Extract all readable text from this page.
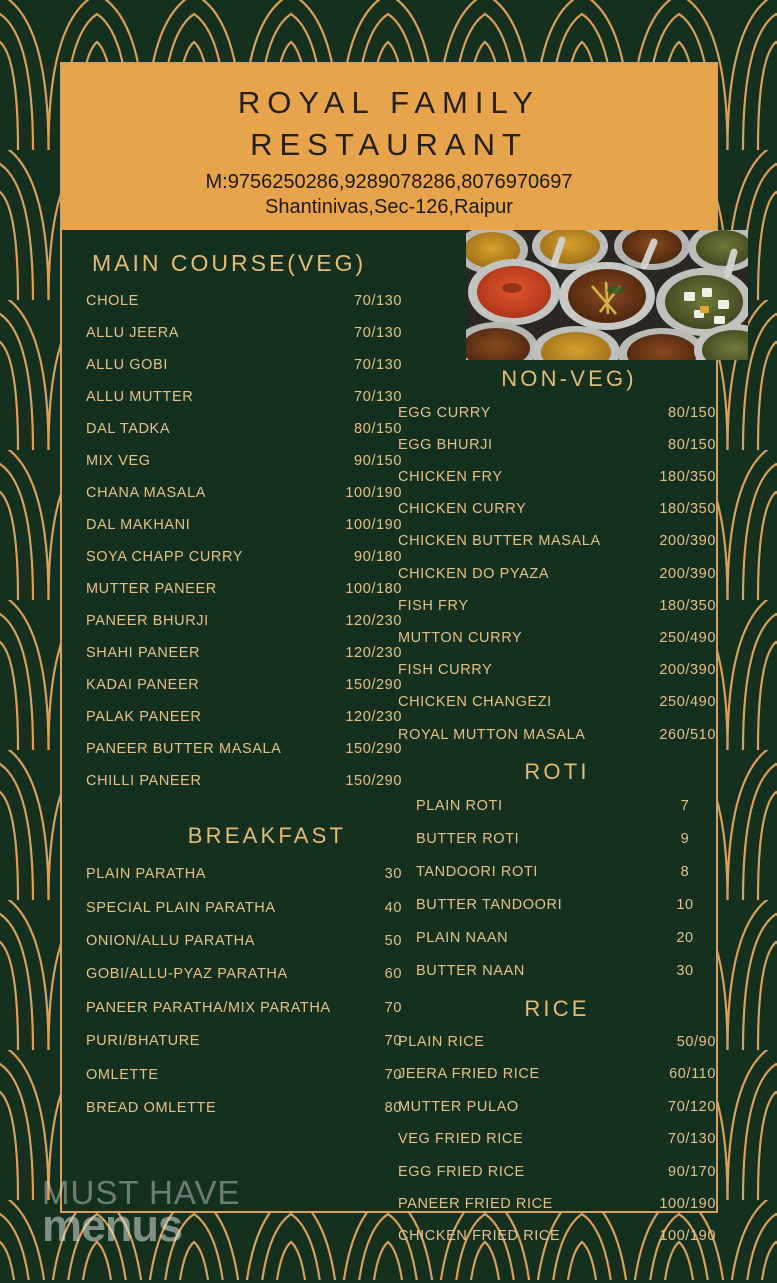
ROYAL FAMILY
RESTAURANT
M:9756250286,9289078286,8076970697
Shantinivas,Sec-126,Raipur
MAIN COURSE(VEG)
CHOLE	70/130
ALLU JEERA	70/130
ALLU GOBI	70/130
ALLU MUTTER	70/130
DAL TADKA	80/150
MIX VEG	90/150
CHANA MASALA	100/190
DAL MAKHANI	100/190
SOYA CHAPP CURRY	90/180
MUTTER PANEER	100/180
PANEER BHURJI	120/230
SHAHI PANEER	120/230
KADAI PANEER	150/290
PALAK PANEER	120/230
PANEER BUTTER MASALA	150/290
CHILLI PANEER	150/290
BREAKFAST
PLAIN PARATHA	30
SPECIAL PLAIN PARATHA	40
ONION/ALLU PARATHA	50
GOBI/ALLU-PYAZ PARATHA	60
PANEER PARATHA/MIX PARATHA	70
PURI/BHATURE	70
OMLETTE	70
BREAD OMLETTE	80
NON-VEG)
EGG CURRY	80/150
EGG BHURJI	80/150
CHICKEN FRY	180/350
CHICKEN CURRY	180/350
CHICKEN BUTTER MASALA	200/390
CHICKEN DO PYAZA	200/390
FISH FRY	180/350
MUTTON CURRY	250/490
FISH CURRY	200/390
CHICKEN CHANGEZI	250/490
ROYAL MUTTON MASALA	260/510
ROTI
PLAIN ROTI	7
BUTTER ROTI	9
TANDOORI ROTI	8
BUTTER TANDOORI	10
PLAIN NAAN	20
BUTTER NAAN	30
RICE
PLAIN RICE	50/90
JEERA FRIED RICE	60/110
MUTTER PULAO	70/120
VEG FRIED RICE	70/130
EGG FRIED RICE	90/170
PANEER FRIED RICE	100/190
CHICKEN FRIED RICE	100/190
MUST HAVE
menus
